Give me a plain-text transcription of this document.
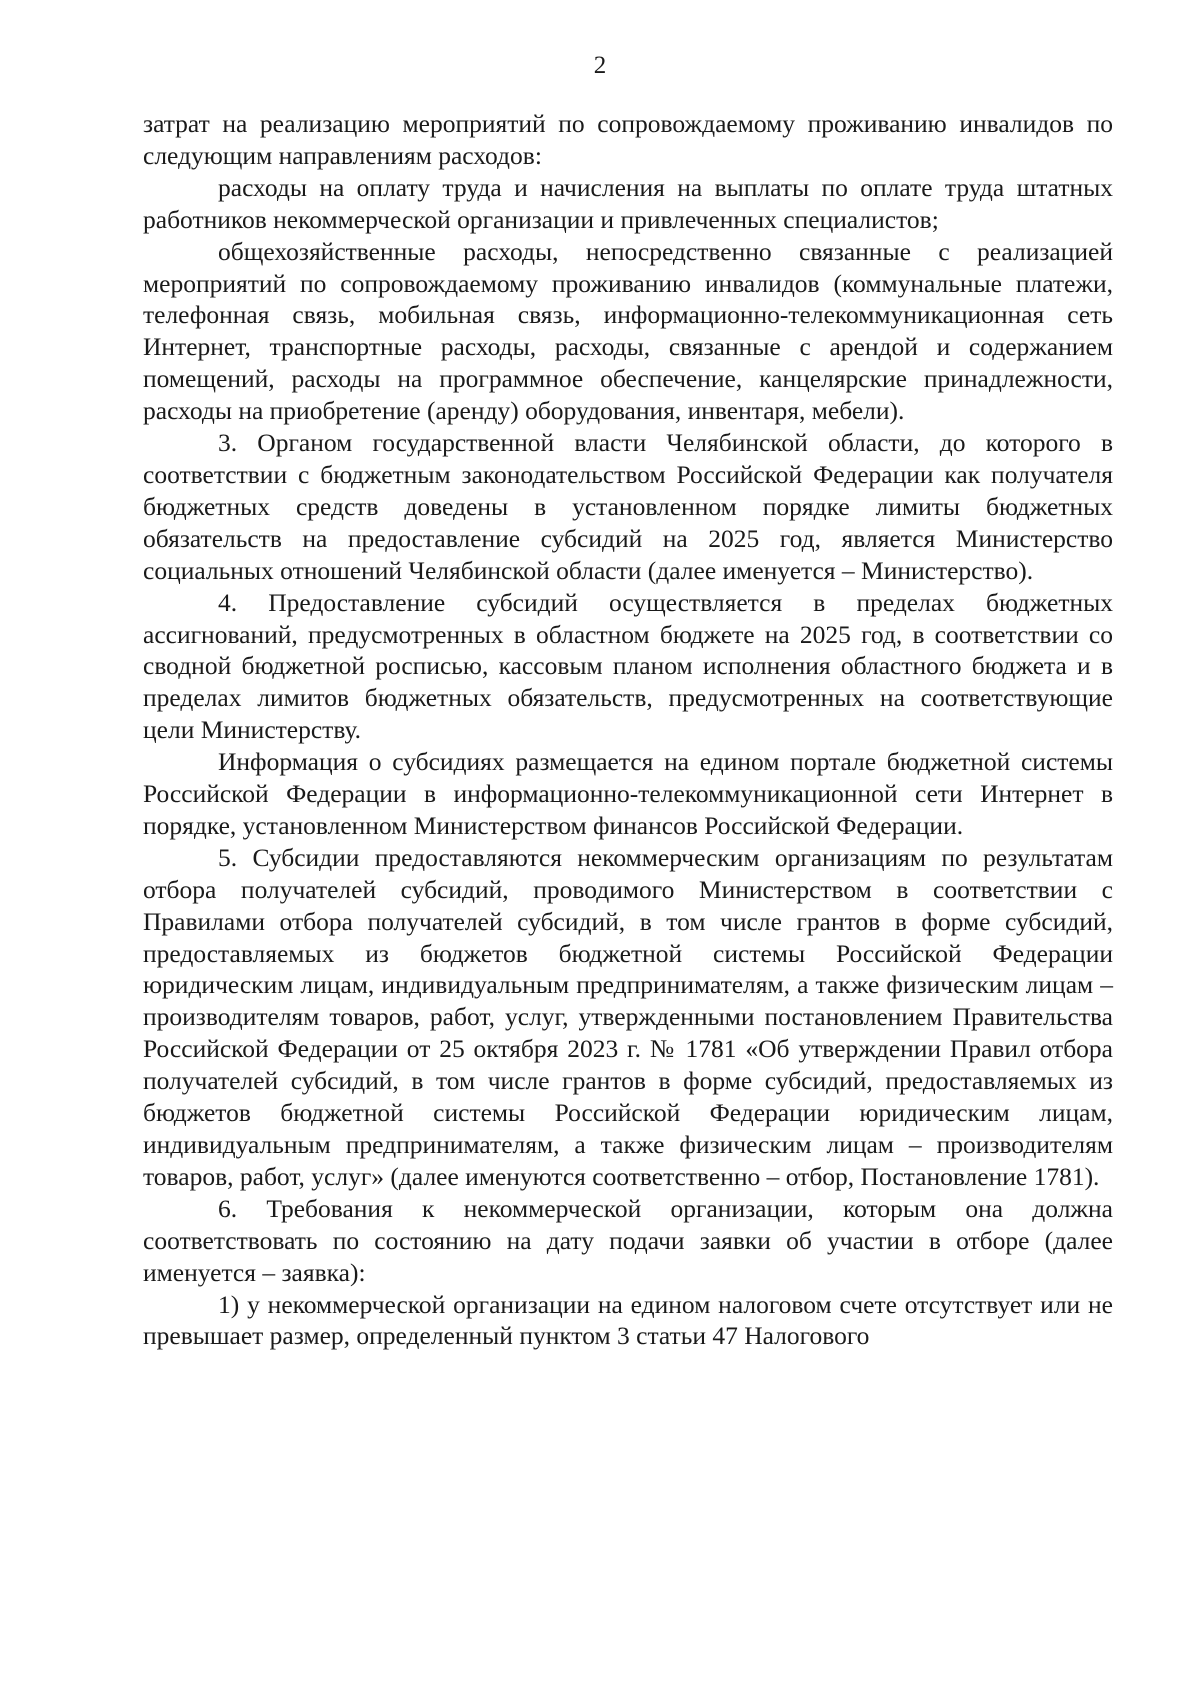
2

затрат на реализацию мероприятий по сопровождаемому проживанию инвалидов по следующим направлениям расходов:

расходы на оплату труда и начисления на выплаты по оплате труда штатных работников некоммерческой организации и привлеченных специалистов;

общехозяйственные расходы, непосредственно связанные с реализацией мероприятий по сопровождаемому проживанию инвалидов (коммунальные платежи, телефонная связь, мобильная связь, информационно-телекоммуникационная сеть Интернет, транспортные расходы, расходы, связанные с арендой и содержанием помещений, расходы на программное обеспечение, канцелярские принадлежности, расходы на приобретение (аренду) оборудования, инвентаря, мебели).

3. Органом государственной власти Челябинской области, до которого в соответствии с бюджетным законодательством Российской Федерации как получателя бюджетных средств доведены в установленном порядке лимиты бюджетных обязательств на предоставление субсидий на 2025 год, является Министерство социальных отношений Челябинской области (далее именуется – Министерство).

4. Предоставление субсидий осуществляется в пределах бюджетных ассигнований, предусмотренных в областном бюджете на 2025 год, в соответствии со сводной бюджетной росписью, кассовым планом исполнения областного бюджета и в пределах лимитов бюджетных обязательств, предусмотренных на соответствующие цели Министерству.

Информация о субсидиях размещается на едином портале бюджетной системы Российской Федерации в информационно-телекоммуникационной сети Интернет в порядке, установленном Министерством финансов Российской Федерации.

5. Субсидии предоставляются некоммерческим организациям по результатам отбора получателей субсидий, проводимого Министерством в соответствии с Правилами отбора получателей субсидий, в том числе грантов в форме субсидий, предоставляемых из бюджетов бюджетной системы Российской Федерации юридическим лицам, индивидуальным предпринимателям, а также физическим лицам – производителям товаров, работ, услуг, утвержденными постановлением Правительства Российской Федерации от 25 октября 2023 г. № 1781 «Об утверждении Правил отбора получателей субсидий, в том числе грантов в форме субсидий, предоставляемых из бюджетов бюджетной системы Российской Федерации юридическим лицам, индивидуальным предпринимателям, а также физическим лицам – производителям товаров, работ, услуг» (далее именуются соответственно – отбор, Постановление 1781).

6. Требования к некоммерческой организации, которым она должна соответствовать по состоянию на дату подачи заявки об участии в отборе (далее именуется – заявка):

1) у некоммерческой организации на едином налоговом счете отсутствует или не превышает размер, определенный пунктом 3 статьи 47 Налогового
